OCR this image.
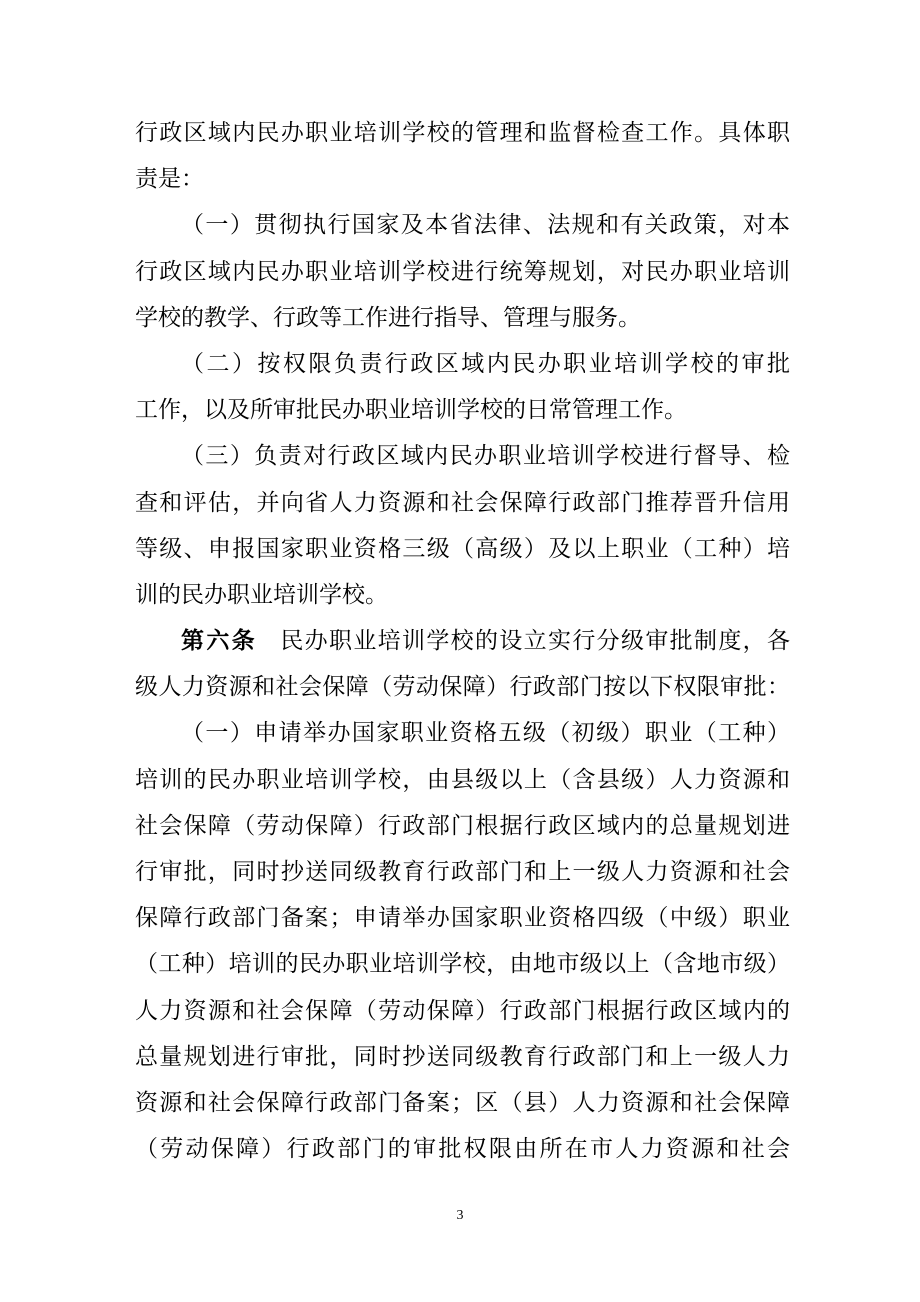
行政区域内民办职业培训学校的管理和监督检查工作。具体职
责是：
（一）贯彻执行国家及本省法律、法规和有关政策，对本
行政区域内民办职业培训学校进行统筹规划，对民办职业培训
学校的教学、行政等工作进行指导、管理与服务。
（二）按权限负责行政区域内民办职业培训学校的审批
工作，以及所审批民办职业培训学校的日常管理工作。
（三）负责对行政区域内民办职业培训学校进行督导、检
查和评估，并向省人力资源和社会保障行政部门推荐晋升信用
等级、申报国家职业资格三级（高级）及以上职业（工种）培
训的民办职业培训学校。
第六条 民办职业培训学校的设立实行分级审批制度，各
级人力资源和社会保障（劳动保障）行政部门按以下权限审批：
（一）申请举办国家职业资格五级（初级）职业（工种）
培训的民办职业培训学校，由县级以上（含县级）人力资源和
社会保障（劳动保障）行政部门根据行政区域内的总量规划进
行审批，同时抄送同级教育行政部门和上一级人力资源和社会
保障行政部门备案；申请举办国家职业资格四级（中级）职业
（工种）培训的民办职业培训学校，由地市级以上（含地市级）
人力资源和社会保障（劳动保障）行政部门根据行政区域内的
总量规划进行审批，同时抄送同级教育行政部门和上一级人力
资源和社会保障行政部门备案；区（县）人力资源和社会保障
（劳动保障）行政部门的审批权限由所在市人力资源和社会
3
